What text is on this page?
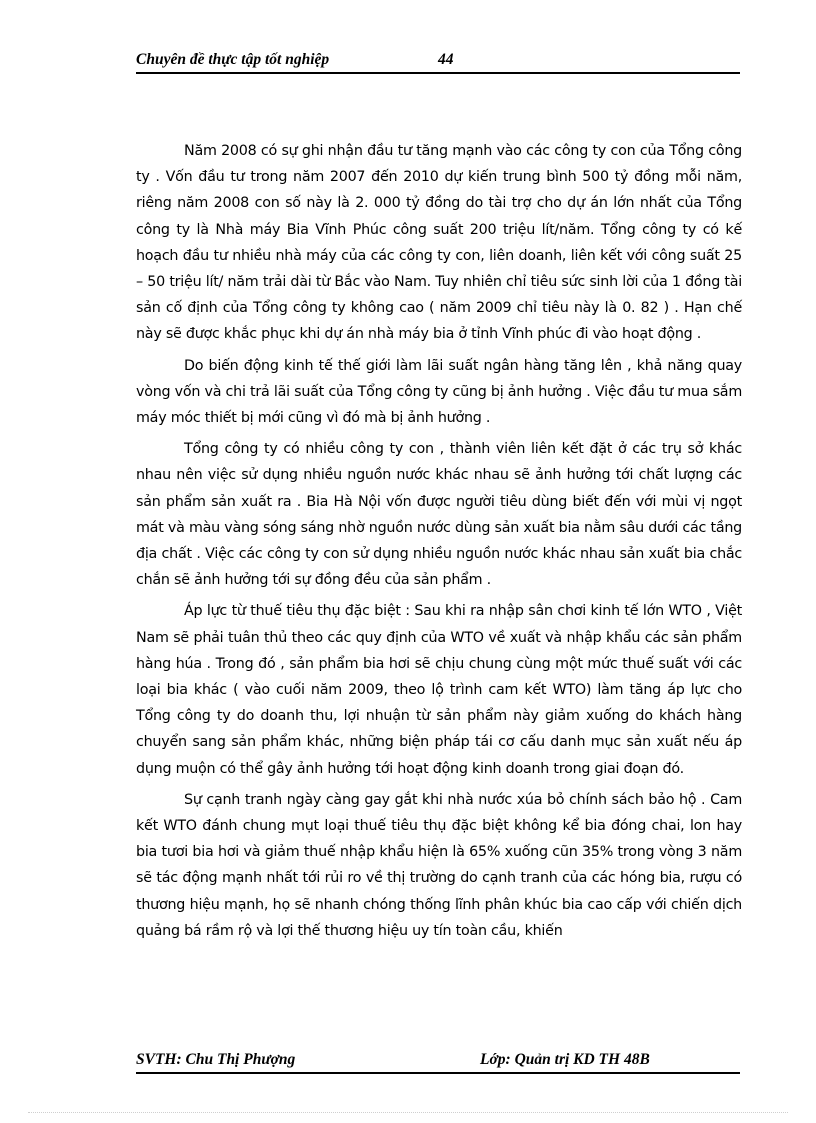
Chuyên đề thực tập tốt nghiệp	44

Năm 2008 có sự ghi nhận đầu tư tăng mạnh vào các công ty con của Tổng công ty . Vốn đầu tư trong năm 2007 đến 2010 dự kiến trung bình 500 tỷ đồng mỗi năm, riêng năm 2008 con số này là 2. 000 tỷ đồng do tài trợ cho dự án lớn nhất của Tổng công ty là Nhà máy Bia Vĩnh Phúc công suất 200 triệu lít/năm. Tổng công ty có kế hoạch đầu tư nhiều nhà máy của các công ty con, liên doanh, liên kết với công suất 25 – 50 triệu lít/ năm trải dài từ Bắc vào Nam. Tuy nhiên chỉ tiêu sức sinh lời của 1 đồng tài sản cố định của Tổng công ty không cao ( năm 2009 chỉ tiêu này là 0. 82 ) . Hạn chế này sẽ được khắc phục khi dự án nhà máy bia ở tỉnh Vĩnh phúc đi vào hoạt động .

Do biến động kinh tế thế giới làm lãi suất ngân hàng tăng lên , khả năng quay vòng vốn và chi trả lãi suất của Tổng công ty cũng bị ảnh hưởng . Việc đầu tư mua sắm máy móc thiết bị mới cũng vì đó mà bị ảnh hưởng .

Tổng công ty có nhiều công ty con , thành viên liên kết đặt ở các trụ sở khác nhau nên việc sử dụng nhiều nguồn nước khác nhau sẽ ảnh hưởng tới chất lượng các sản phẩm sản xuất ra . Bia Hà Nội vốn được người tiêu dùng biết đến với mùi vị ngọt mát và màu vàng sóng sáng nhờ nguồn nước dùng sản xuất bia nằm sâu dưới các tầng địa chất . Việc các công ty con sử dụng nhiều nguồn nước khác nhau sản xuất bia chắc chắn sẽ ảnh hưởng tới sự đồng đều của sản phẩm .

Áp lực từ thuế tiêu thụ đặc biệt : Sau khi ra nhập sân chơi kinh tế lớn WTO , Việt Nam sẽ phải tuân thủ theo các quy định của WTO về xuất và nhập khẩu các sản phẩm hàng húa . Trong đó , sản phẩm bia hơi sẽ chịu chung cùng một mức thuế suất với các loại bia khác ( vào cuối năm 2009, theo lộ trình cam kết WTO) làm tăng áp lực cho Tổng công ty do doanh thu, lợi nhuận từ sản phẩm này giảm xuống do khách hàng chuyển sang sản phẩm khác, những biện pháp tái cơ cấu danh mục sản xuất nếu áp dụng muộn có thể gây ảnh hưởng tới hoạt động kinh doanh trong giai đoạn đó.

Sự cạnh tranh ngày càng gay gắt khi nhà nước xúa bỏ chính sách bảo hộ . Cam kết WTO đánh chung mụt loại thuế tiêu thụ đặc biệt không kể bia đóng chai, lon hay bia tươi bia hơi và giảm thuế nhập khẩu hiện là 65% xuống cũn 35% trong vòng 3 năm sẽ tác động mạnh nhất tới rủi ro về thị trường do cạnh tranh của các hóng bia, rượu có thương hiệu mạnh, họ sẽ nhanh chóng thống lĩnh phân khúc bia cao cấp với chiến dịch quảng bá rầm rộ và lợi thế thương hiệu uy tín toàn cầu, khiến

SVTH: Chu Thị Phượng	Lớp: Quản trị KD TH 48B
